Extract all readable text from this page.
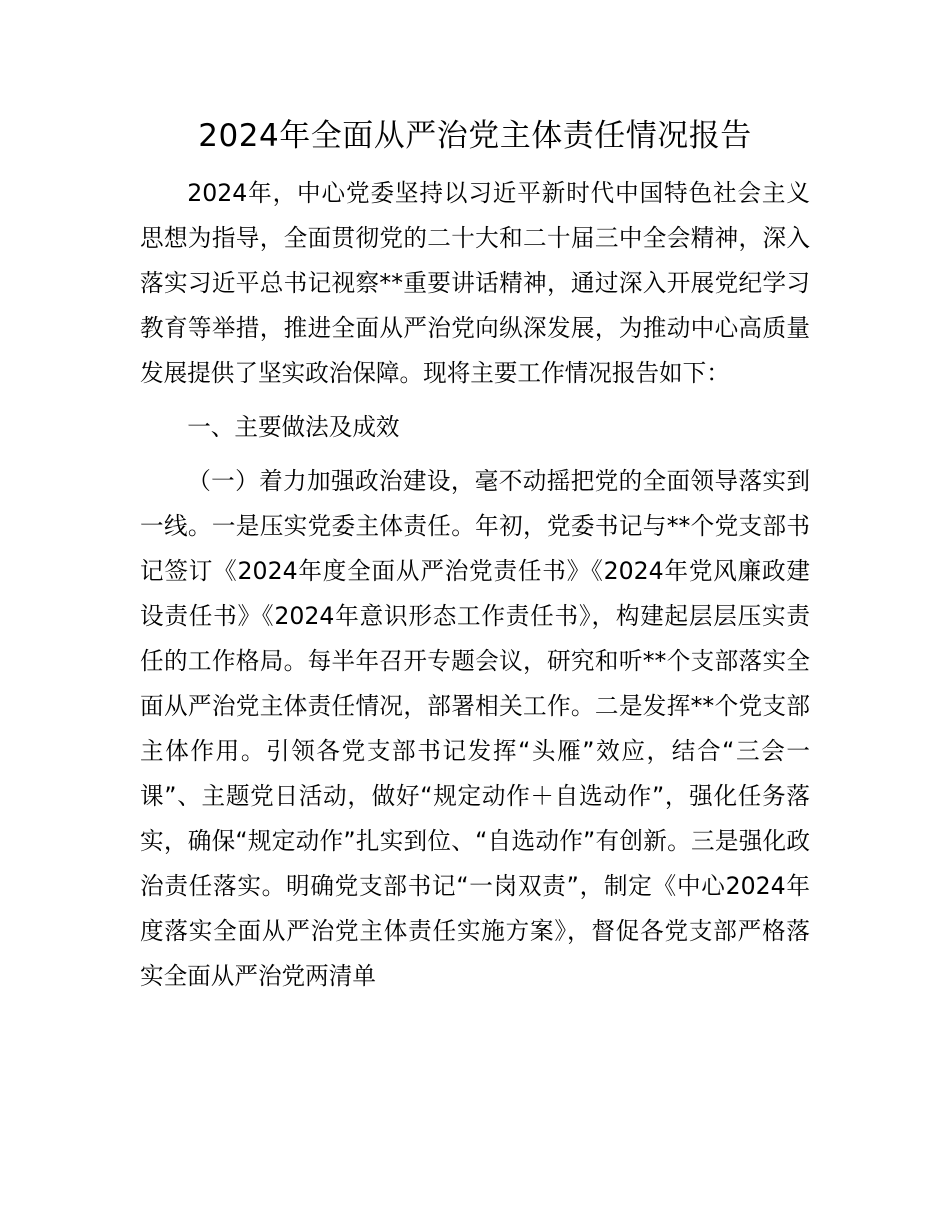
2024年全面从严治党主体责任情况报告

2024年，中心党委坚持以习近平新时代中国特色社会主义思想为指导，全面贯彻党的二十大和二十届三中全会精神，深入落实习近平总书记视察**重要讲话精神，通过深入开展党纪学习教育等举措，推进全面从严治党向纵深发展，为推动中心高质量发展提供了坚实政治保障。现将主要工作情况报告如下：

一、主要做法及成效

（一）着力加强政治建设，毫不动摇把党的全面领导落实到一线。一是压实党委主体责任。年初，党委书记与**个党支部书记签订《2024年度全面从严治党责任书》《2024年党风廉政建设责任书》《2024年意识形态工作责任书》，构建起层层压实责任的工作格局。每半年召开专题会议，研究和听**个支部落实全面从严治党主体责任情况，部署相关工作。二是发挥**个党支部主体作用。引领各党支部书记发挥“头雁”效应，结合“三会一课”、主题党日活动，做好“规定动作＋自选动作”，强化任务落实，确保“规定动作”扎实到位、“自选动作”有创新。三是强化政治责任落实。明确党支部书记“一岗双责”，制定《中心2024年度落实全面从严治党主体责任实施方案》，督促各党支部严格落实全面从严治党两清单
